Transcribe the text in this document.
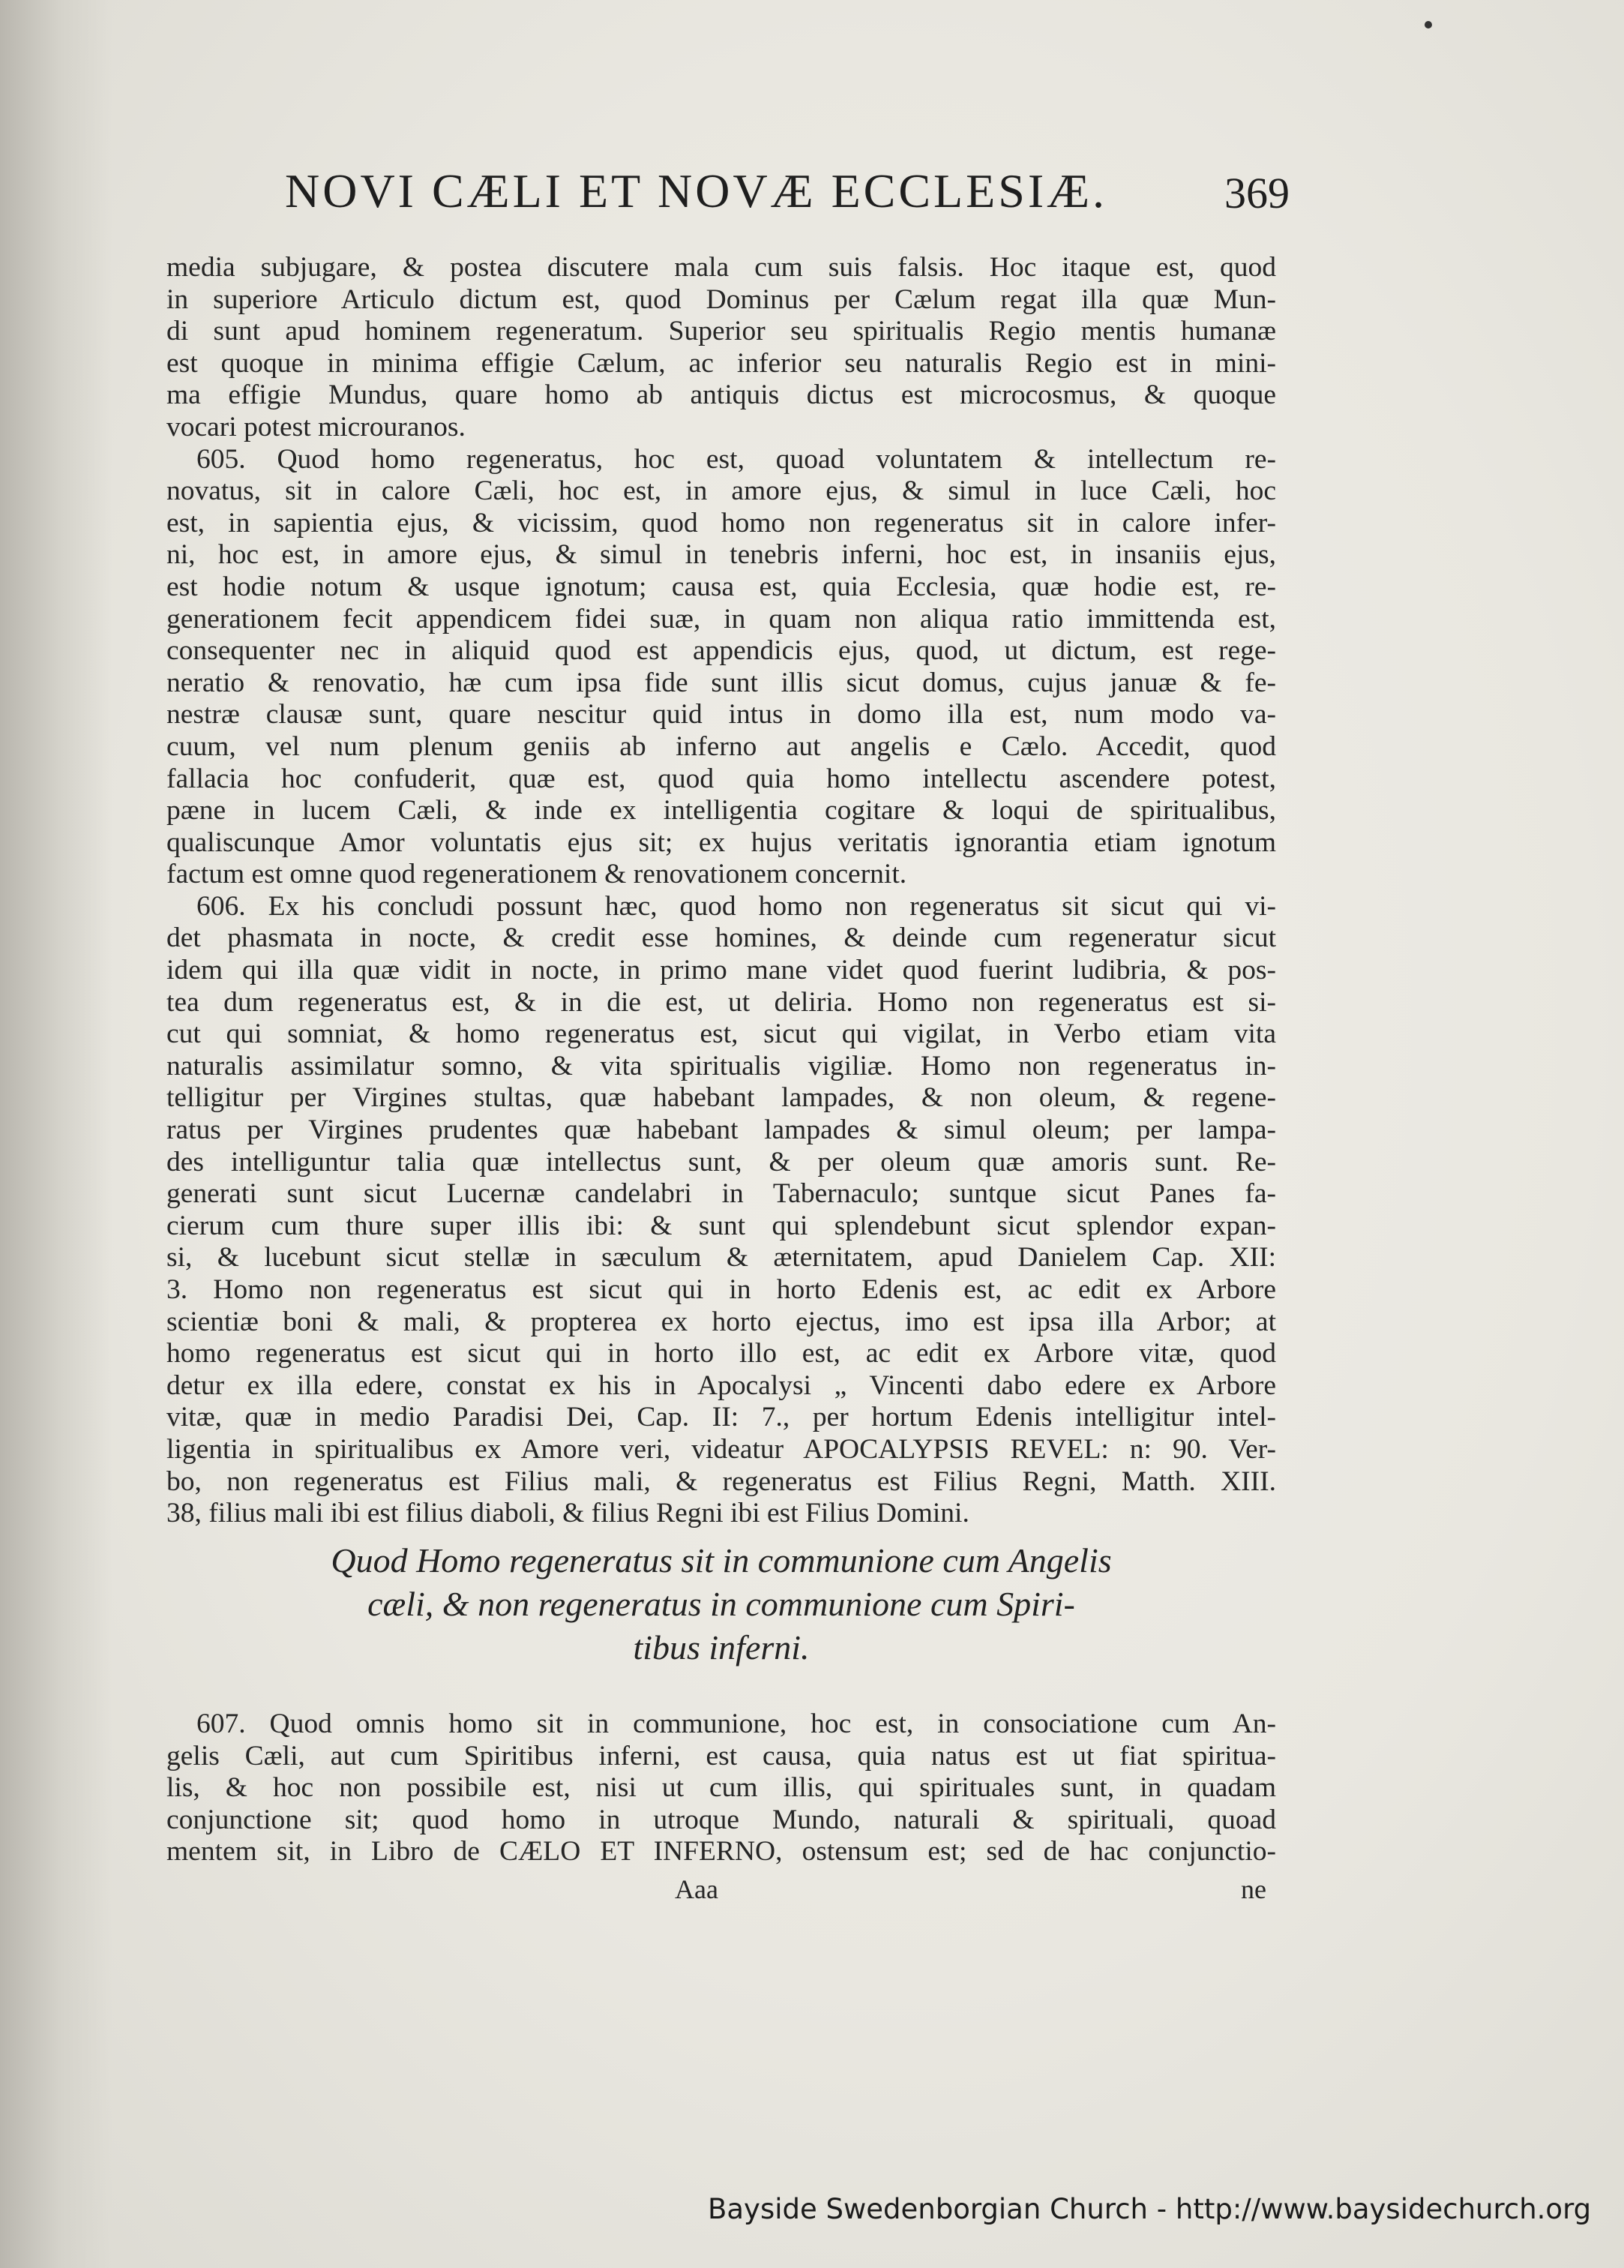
NOVI CÆLI ET NOVÆ ECCLESIÆ.	369
media subjugare, & postea discutere mala cum suis falsis. Hoc itaque est, quod
in superiore Articulo dictum est, quod Dominus per Cælum regat illa quæ Mun-
di sunt apud hominem regeneratum. Superior seu spiritualis Regio mentis humanæ
est quoque in minima effigie Cælum, ac inferior seu naturalis Regio est in mini-
ma effigie Mundus, quare homo ab antiquis dictus est microcosmus, & quoque
vocari potest microuranos.
605. Quod homo regeneratus, hoc est, quoad voluntatem & intellectum re-
novatus, sit in calore Cæli, hoc est, in amore ejus, & simul in luce Cæli, hoc
est, in sapientia ejus, & vicissim, quod homo non regeneratus sit in calore infer-
ni, hoc est, in amore ejus, & simul in tenebris inferni, hoc est, in insaniis ejus,
est hodie notum & usque ignotum; causa est, quia Ecclesia, quæ hodie est, re-
generationem fecit appendicem fidei suæ, in quam non aliqua ratio immittenda est,
consequenter nec in aliquid quod est appendicis ejus, quod, ut dictum, est rege-
neratio & renovatio, hæ cum ipsa fide sunt illis sicut domus, cujus januæ & fe-
nestræ clausæ sunt, quare nescitur quid intus in domo illa est, num modo va-
cuum, vel num plenum geniis ab inferno aut angelis e Cælo. Accedit, quod
fallacia hoc confuderit, quæ est, quod quia homo intellectu ascendere potest,
pæne in lucem Cæli, & inde ex intelligentia cogitare & loqui de spiritualibus,
qualiscunque Amor voluntatis ejus sit; ex hujus veritatis ignorantia etiam ignotum
factum est omne quod regenerationem & renovationem concernit.
606. Ex his concludi possunt hæc, quod homo non regeneratus sit sicut qui vi-
det phasmata in nocte, & credit esse homines, & deinde cum regeneratur sicut
idem qui illa quæ vidit in nocte, in primo mane videt quod fuerint ludibria, & pos-
tea dum regeneratus est, & in die est, ut deliria. Homo non regeneratus est si-
cut qui somniat, & homo regeneratus est, sicut qui vigilat, in Verbo etiam vita
naturalis assimilatur somno, & vita spiritualis vigiliæ. Homo non regeneratus in-
telligitur per Virgines stultas, quæ habebant lampades, & non oleum, & regene-
ratus per Virgines prudentes quæ habebant lampades & simul oleum; per lampa-
des intelliguntur talia quæ intellectus sunt, & per oleum quæ amoris sunt. Re-
generati sunt sicut Lucernæ candelabri in Tabernaculo; suntque sicut Panes fa-
cierum cum thure super illis ibi: & sunt qui splendebunt sicut splendor expan-
si, & lucebunt sicut stellæ in sæculum & æternitatem, apud Danielem Cap. XII:
3. Homo non regeneratus est sicut qui in horto Edenis est, ac edit ex Arbore
scientiæ boni & mali, & propterea ex horto ejectus, imo est ipsa illa Arbor; at
homo regeneratus est sicut qui in horto illo est, ac edit ex Arbore vitæ, quod
detur ex illa edere, constat ex his in Apocalysi „ Vincenti dabo edere ex Arbore
vitæ, quæ in medio Paradisi Dei, Cap. II: 7., per hortum Edenis intelligitur intel-
ligentia in spiritualibus ex Amore veri, videatur APOCALYPSIS REVEL: n: 90. Ver-
bo, non regeneratus est Filius mali, & regeneratus est Filius Regni, Matth. XIII.
38, filius mali ibi est filius diaboli, & filius Regni ibi est Filius Domini.
Quod Homo regeneratus sit in communione cum Angelis
cæli, & non regeneratus in communione cum Spiri-
tibus inferni.
607. Quod omnis homo sit in communione, hoc est, in consociatione cum An-
gelis Cæli, aut cum Spiritibus inferni, est causa, quia natus est ut fiat spiritua-
lis, & hoc non possibile est, nisi ut cum illis, qui spirituales sunt, in quadam
conjunctione sit; quod homo in utroque Mundo, naturali & spirituali, quoad
mentem sit, in Libro de CÆLO ET INFERNO, ostensum est; sed de hac conjunctio-
Aaa	ne
Bayside Swedenborgian Church - http://www.baysidechurch.org
